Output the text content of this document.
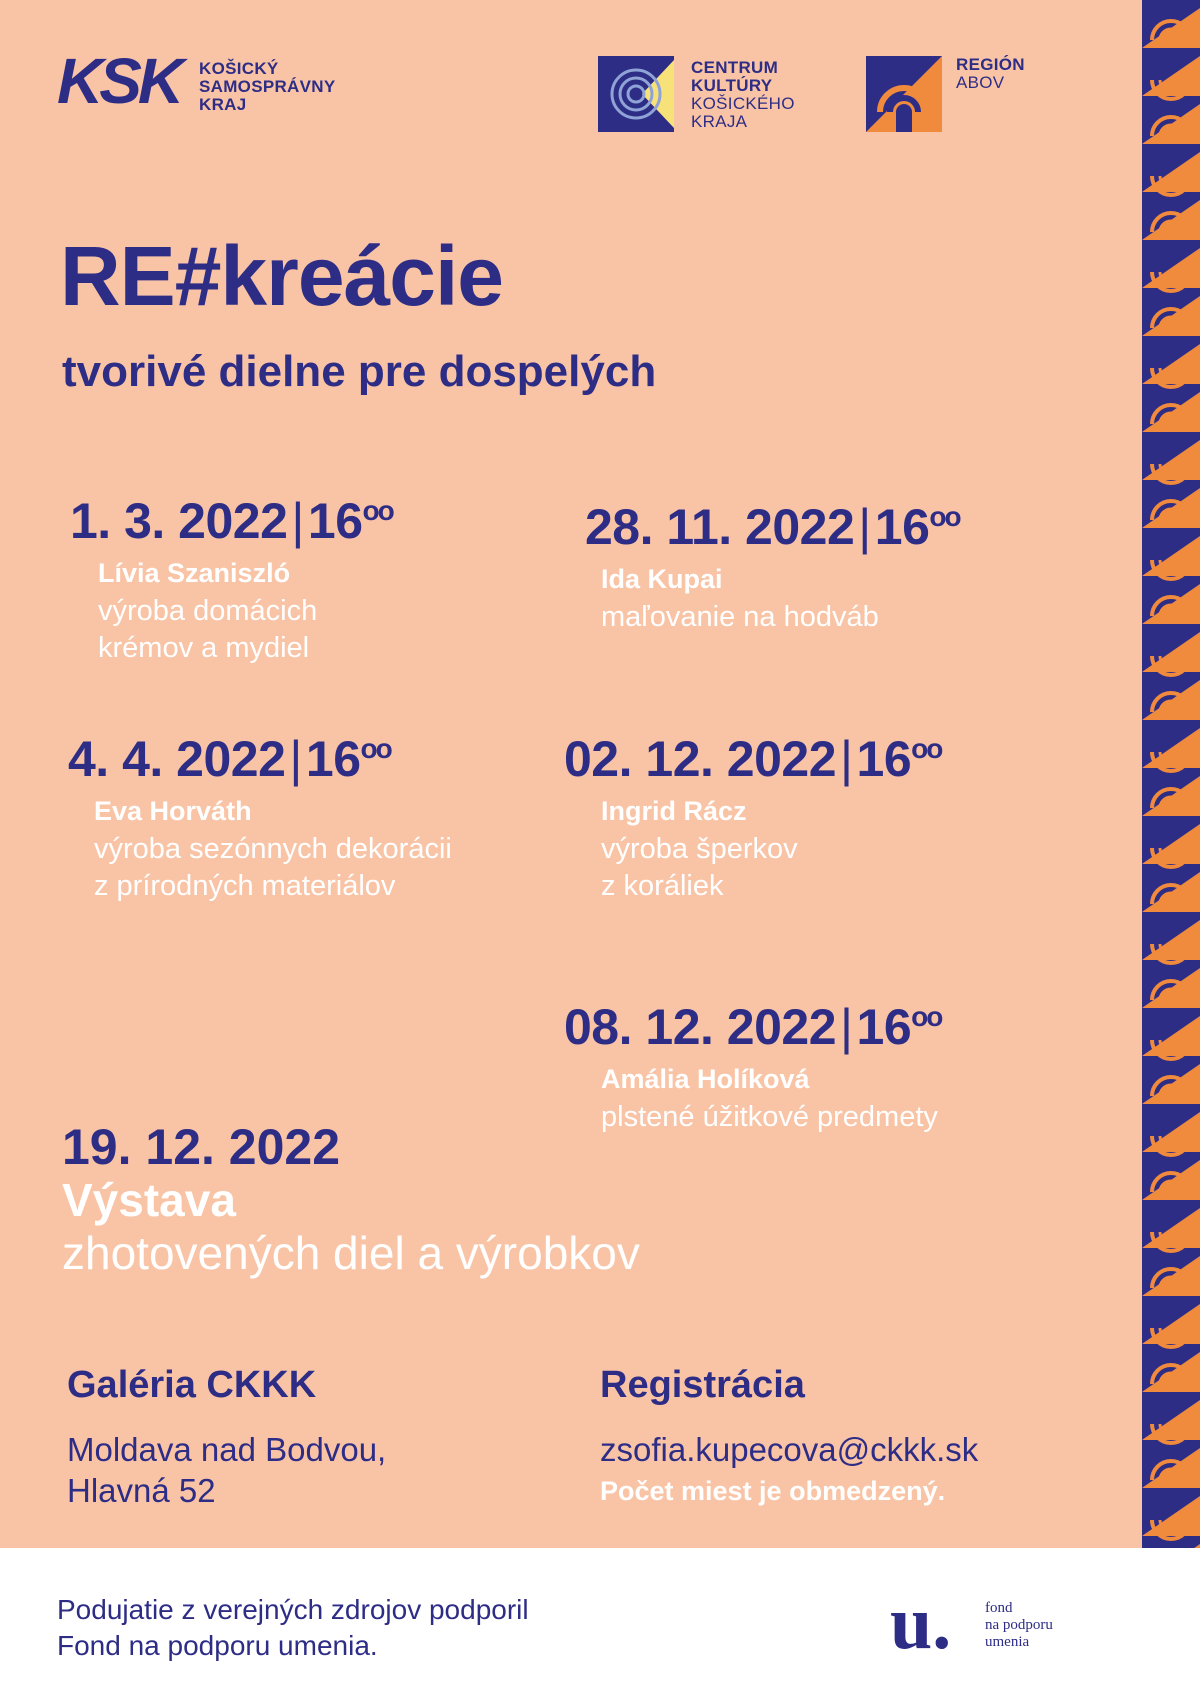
KSK KOŠICKÝ
SAMOSPRÁVNY
KRAJ
CENTRUM
KULTÚRY
KOŠICKÉHO
KRAJA
REGIÓN
ABOV
RE#kreácie
tvorivé dielne pre dospelých
1. 3. $2022|16^{oo}$
Lívia Szaniszló
výroba domácich
krémov a mydiel
28. 11. $2022|16^{oo}$
Ida Kupai
maľovanie na hodváb
4. 4. $2022|16^{oo}$
Eva Horváth
výroba sezónnych dekorácii
z prírodných materiálov
02. 12. $2022|16^{oo}$
Ingrid Rácz
výroba šperkov
z koráliek
08. 12. $2022|16^{oo}$
Amália Holíková
plstené úžitkové predmety
19. 12. 2022
Výstava
zhotovených diel a výrobkov
Galéria CKKK
Moldava nad Bodvou,
Hlavná 52
Registrácia
zsofia.kupecova@ckkk.sk
Počet miest je obmedzený.
Podujatie z verejných zdrojov podporil
Fond na podporu umenia.	u. fond
na podporu
umenia
